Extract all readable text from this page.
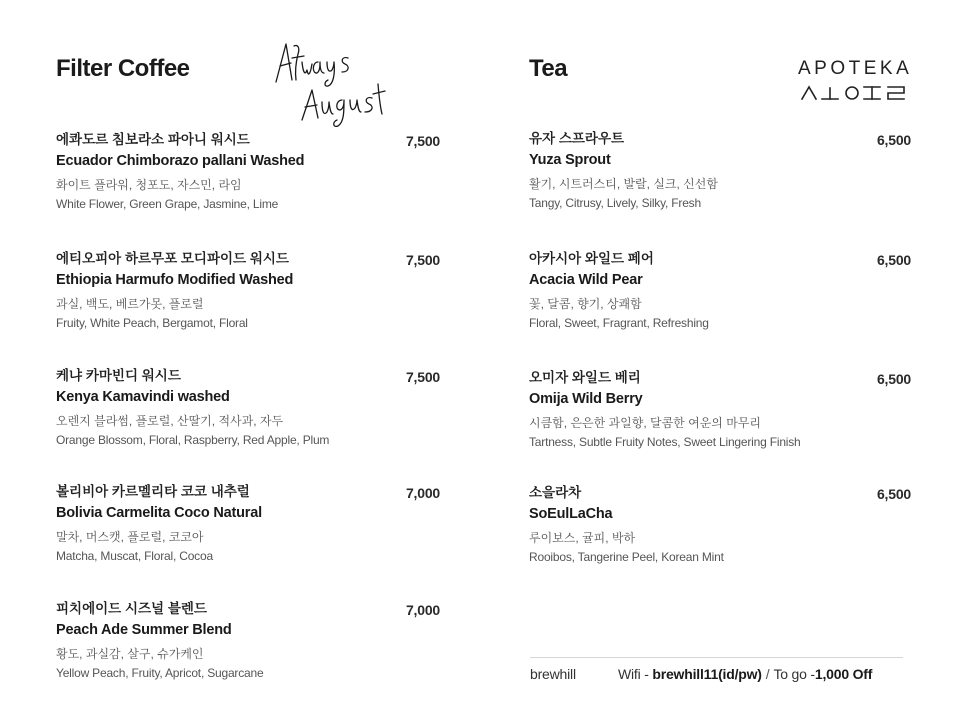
Filter Coffee
에콰도르 침보라소 파아니 워시드
Ecuador Chimborazo pallani Washed
화이트 플라워, 청포도, 자스민, 라임
White Flower, Green Grape, Jasmine, Lime
7,500
에티오피아 하르무포 모디파이드 워시드
Ethiopia Harmufo Modified Washed
과실, 백도, 베르가못, 플로럴
Fruity, White Peach, Bergamot, Floral
7,500
케냐 카마빈디 워시드
Kenya Kamavindi washed
오렌지 블라썸, 플로럴, 산딸기, 적사과, 자두
Orange Blossom, Floral, Raspberry, Red Apple, Plum
7,500
볼리비아 카르멜리타 코코 내추럴
Bolivia Carmelita Coco Natural
말차, 머스캣, 플로럴, 코코아
Matcha, Muscat, Floral, Cocoa
7,000
피치에이드 시즈널 블렌드
Peach Ade Summer Blend
황도, 과실감, 살구, 슈가케인
Yellow Peach, Fruity, Apricot, Sugarcane
7,000
Tea
유자 스프라우트
Yuza Sprout
활기, 시트러스티, 발랄, 실크, 신선함
Tangy, Citrusy, Lively, Silky, Fresh
6,500
아카시아 와일드 페어
Acacia Wild Pear
꽃, 달콤, 향기, 상쾌함
Floral, Sweet, Fragrant, Refreshing
6,500
오미자 와일드 베리
Omija Wild Berry
시큼함, 은은한 과일향, 달콤한 여운의 마무리
Tartness, Subtle Fruity Notes, Sweet Lingering Finish
6,500
소을라차
SoEulLaCha
루이보스, 귤피, 박하
Rooibos, Tangerine Peel, Korean Mint
6,500
APOTEKA
brewhill	Wifi - brewhill11(id/pw) / To go -1,000 Off
